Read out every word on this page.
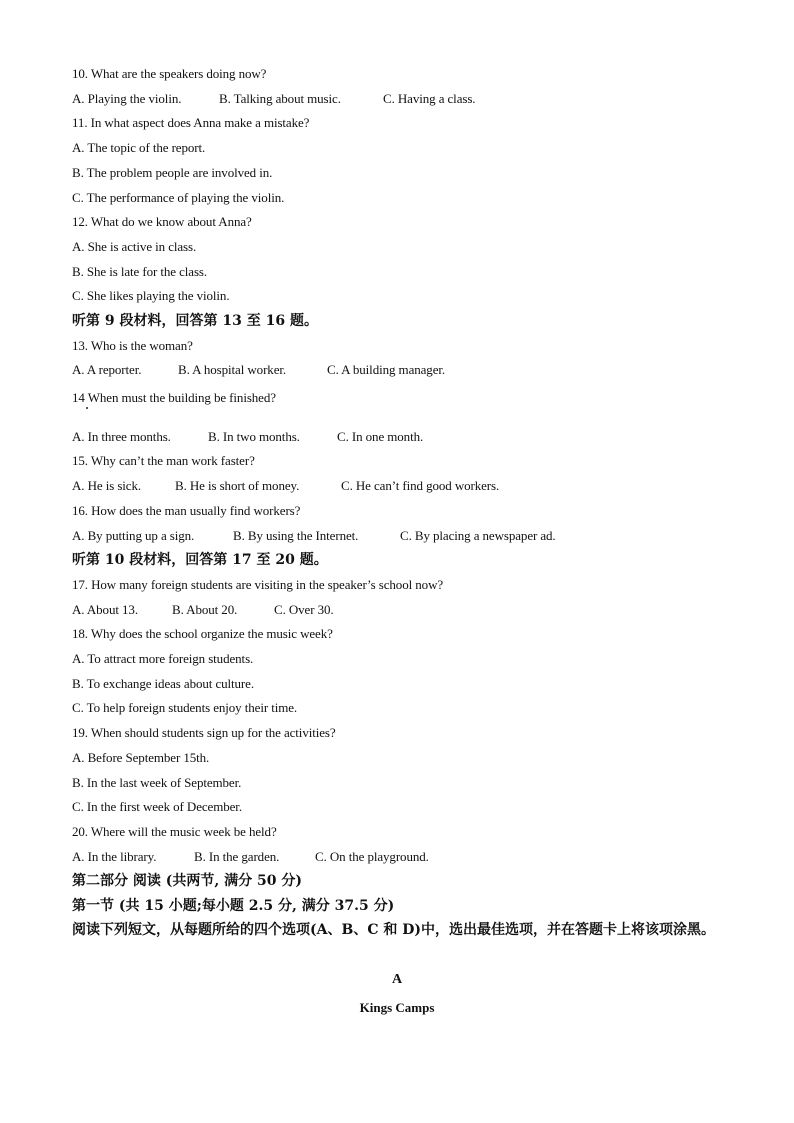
10. What are the speakers doing now?
A. Playing the violin.	B. Talking about music.	C. Having a class.
11. In what aspect does Anna make a mistake?
A. The topic of the report.
B. The problem people are involved in.
C. The performance of playing the violin.
12. What do we know about Anna?
A. She is active in class.
B. She is late for the class.
C. She likes playing the violin.
听第 9 段材料，回答第 13 至 16 题。
13. Who is the woman?
A. A reporter.	B. A hospital worker.	C. A building manager.
14 When must the building be finished?
A. In three months.	B. In two months.	C. In one month.
15. Why can’t the man work faster?
A. He is sick.	B. He is short of money.	C. He can’t find good workers.
16. How does the man usually find workers?
A. By putting up a sign.	B. By using the Internet.	C. By placing a newspaper ad.
听第 10 段材料，回答第 17 至 20 题。
17. How many foreign students are visiting in the speaker’s school now?
A. About 13.	B. About 20.	C. Over 30.
18. Why does the school organize the music week?
A. To attract more foreign students.
B. To exchange ideas about culture.
C. To help foreign students enjoy their time.
19. When should students sign up for the activities?
A. Before September 15th.
B. In the last week of September.
C. In the first week of December.
20. Where will the music week be held?
A. In the library.	B. In the garden.	C. On the playground.
第二部分 阅读 (共两节, 满分 50 分)
第一节 (共 15 小题;每小题 2.5 分, 满分 37.5 分)
阅读下列短文，从每题所给的四个选项(A、B、C 和 D)中，选出最佳选项，并在答题卡上将该项涂黑。
A
Kings Camps
